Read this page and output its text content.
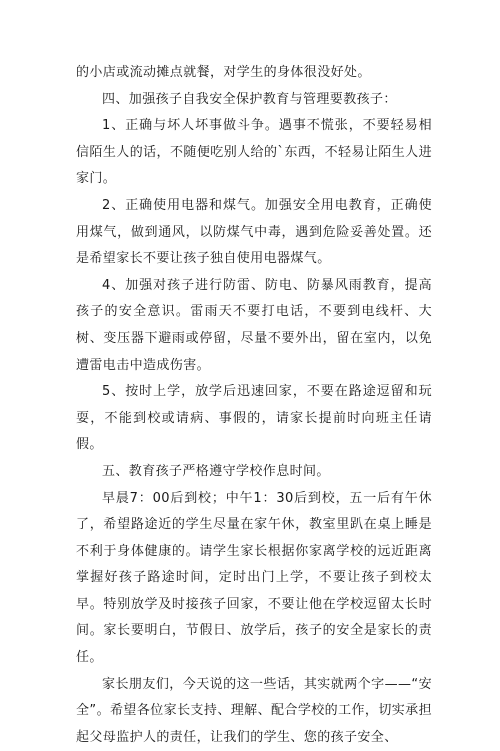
的小店或流动摊点就餐，对学生的身体很没好处。

四、加强孩子自我安全保护教育与管理要教孩子：

1、正确与坏人坏事做斗争。遇事不慌张，不要轻易相信陌生人的话，不随便吃别人给的`东西，不轻易让陌生人进家门。

2、正确使用电器和煤气。加强安全用电教育，正确使用煤气，做到通风，以防煤气中毒，遇到危险妥善处置。还是希望家长不要让孩子独自使用电器煤气。

4、加强对孩子进行防雷、防电、防暴风雨教育，提高孩子的安全意识。雷雨天不要打电话，不要到电线杆、大树、变压器下避雨或停留，尽量不要外出，留在室内，以免遭雷电击中造成伤害。

5、按时上学，放学后迅速回家，不要在路途逗留和玩耍，不能到校或请病、事假的，请家长提前时向班主任请假。

五、教育孩子严格遵守学校作息时间。

早晨7：00后到校；中午1：30后到校，五一后有午休了，希望路途近的学生尽量在家午休，教室里趴在桌上睡是不利于身体健康的。请学生家长根据你家离学校的远近距离掌握好孩子路途时间，定时出门上学，不要让孩子到校太早。特别放学及时接孩子回家，不要让他在学校逗留太长时间。家长要明白，节假日、放学后，孩子的安全是家长的责任。

家长朋友们，今天说的这一些话，其实就两个字——“安全”。希望各位家长支持、理解、配合学校的工作，切实承担起父母监护人的责任，让我们的学生、您的孩子安全、
